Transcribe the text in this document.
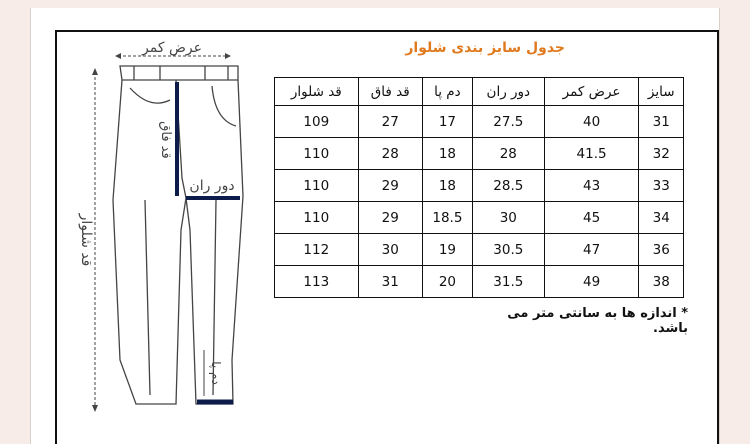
جدول سایز بندی شلوار
عرض کمر
قد فاق
دور ران
قد شلوار
دم پا
سایز	عرض کمر	دور ران	دم پا	قد فاق	قد شلوار
31	40	27.5	17	27	109
32	41.5	28	18	28	110
33	43	28.5	18	29	110
34	45	30	18.5	29	110
36	47	30.5	19	30	112
38	49	31.5	20	31	113
* اندازه ها به سانتی متر می باشد.
